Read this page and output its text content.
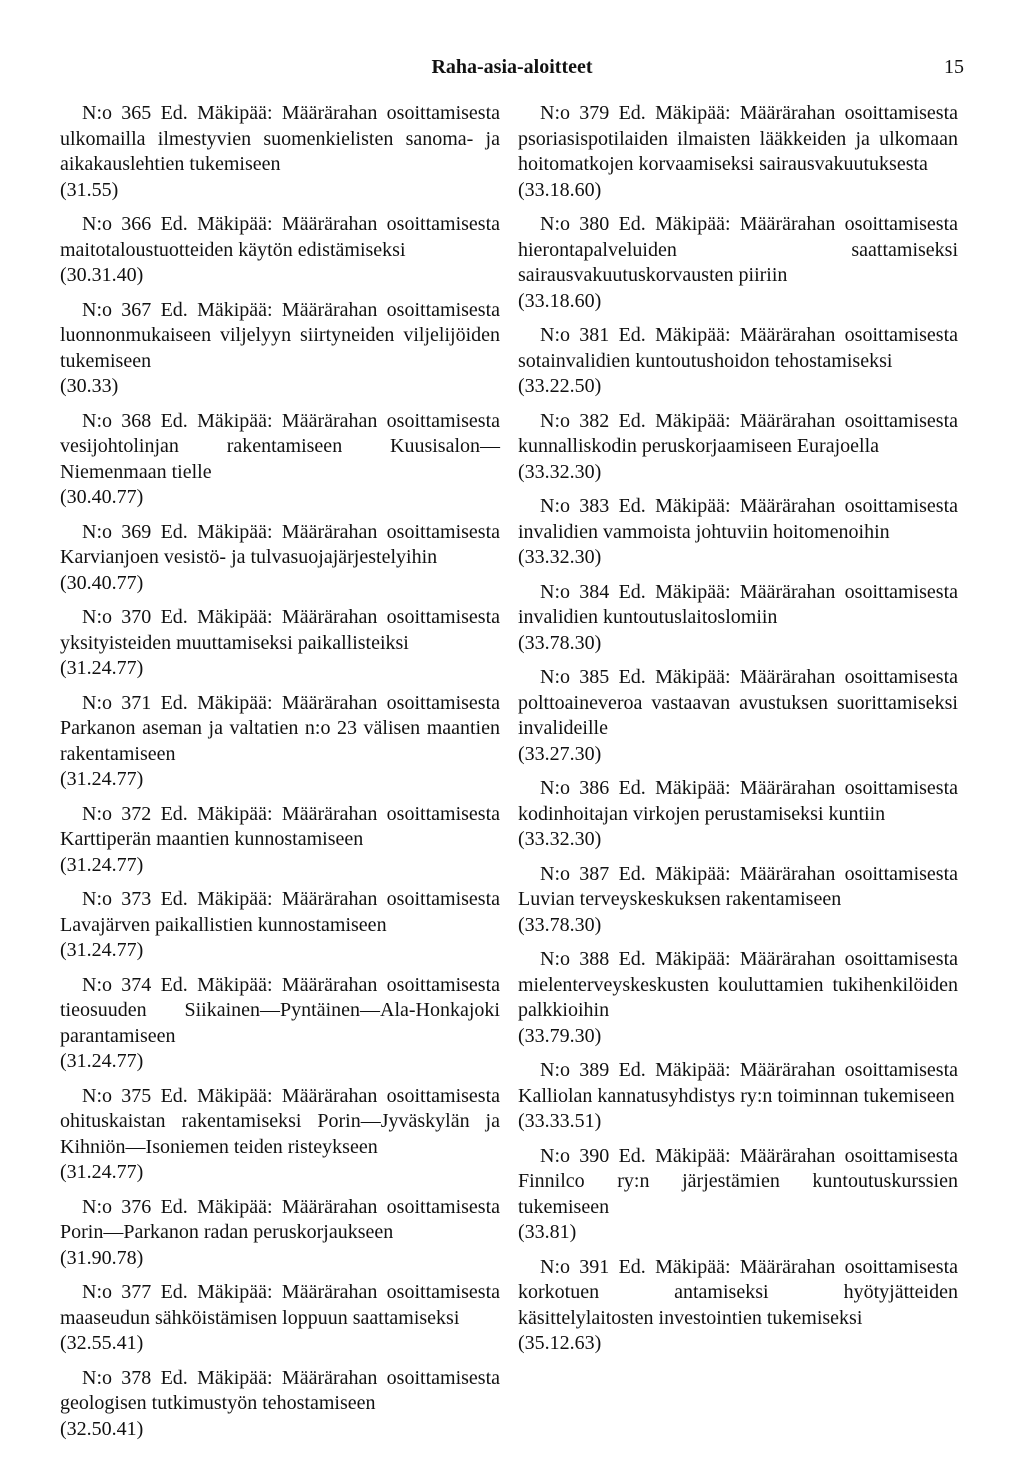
Raha-asia-aloitteet	15

N:o 365 Ed. Mäkipää: Määrärahan osoittamisesta ulkomailla ilmestyvien suomenkielisten sanoma- ja aikakauslehtien tukemiseen
(31.55)

N:o 366 Ed. Mäkipää: Määrärahan osoittamisesta maitotaloustuotteiden käytön edistämiseksi
(30.31.40)

N:o 367 Ed. Mäkipää: Määrärahan osoittamisesta luonnonmukaiseen viljelyyn siirtyneiden viljelijöiden tukemiseen
(30.33)

N:o 368 Ed. Mäkipää: Määrärahan osoittamisesta vesijohtolinjan rakentamiseen Kuusisalon—Niemenmaan tielle
(30.40.77)

N:o 369 Ed. Mäkipää: Määrärahan osoittamisesta Karvianjoen vesistö- ja tulvasuojajärjestelyihin
(30.40.77)

N:o 370 Ed. Mäkipää: Määrärahan osoittamisesta yksityisteiden muuttamiseksi paikallisteiksi
(31.24.77)

N:o 371 Ed. Mäkipää: Määrärahan osoittamisesta Parkanon aseman ja valtatien n:o 23 välisen maantien rakentamiseen
(31.24.77)

N:o 372 Ed. Mäkipää: Määrärahan osoittamisesta Karttiperän maantien kunnostamiseen
(31.24.77)

N:o 373 Ed. Mäkipää: Määrärahan osoittamisesta Lavajärven paikallistien kunnostamiseen
(31.24.77)

N:o 374 Ed. Mäkipää: Määrärahan osoittamisesta tieosuuden Siikainen—Pyntäinen—Ala-Honkajoki parantamiseen
(31.24.77)

N:o 375 Ed. Mäkipää: Määrärahan osoittamisesta ohituskaistan rakentamiseksi Porin—Jyväskylän ja Kihniön—Isoniemen teiden risteykseen
(31.24.77)

N:o 376 Ed. Mäkipää: Määrärahan osoittamisesta Porin—Parkanon radan peruskorjaukseen
(31.90.78)

N:o 377 Ed. Mäkipää: Määrärahan osoittamisesta maaseudun sähköistämisen loppuun saattamiseksi
(32.55.41)

N:o 378 Ed. Mäkipää: Määrärahan osoittamisesta geologisen tutkimustyön tehostamiseen
(32.50.41)

N:o 379 Ed. Mäkipää: Määrärahan osoittamisesta psoriasispotilaiden ilmaisten lääkkeiden ja ulkomaan hoitomatkojen korvaamiseksi sairausvakuutuksesta
(33.18.60)

N:o 380 Ed. Mäkipää: Määrärahan osoittamisesta hierontapalveluiden saattamiseksi sairausvakuutuskorvausten piiriin
(33.18.60)

N:o 381 Ed. Mäkipää: Määrärahan osoittamisesta sotainvalidien kuntoutushoidon tehostamiseksi
(33.22.50)

N:o 382 Ed. Mäkipää: Määrärahan osoittamisesta kunnalliskodin peruskorjaamiseen Eurajoella
(33.32.30)

N:o 383 Ed. Mäkipää: Määrärahan osoittamisesta invalidien vammoista johtuviin hoitomenoihin
(33.32.30)

N:o 384 Ed. Mäkipää: Määrärahan osoittamisesta invalidien kuntoutuslaitoslomiin
(33.78.30)

N:o 385 Ed. Mäkipää: Määrärahan osoittamisesta polttoaineveroa vastaavan avustuksen suorittamiseksi invalideille
(33.27.30)

N:o 386 Ed. Mäkipää: Määrärahan osoittamisesta kodinhoitajan virkojen perustamiseksi kuntiin
(33.32.30)

N:o 387 Ed. Mäkipää: Määrärahan osoittamisesta Luvian terveyskeskuksen rakentamiseen
(33.78.30)

N:o 388 Ed. Mäkipää: Määrärahan osoittamisesta mielenterveyskeskusten kouluttamien tukihenkilöiden palkkioihin
(33.79.30)

N:o 389 Ed. Mäkipää: Määrärahan osoittamisesta Kalliolan kannatusyhdistys ry:n toiminnan tukemiseen
(33.33.51)

N:o 390 Ed. Mäkipää: Määrärahan osoittamisesta Finnilco ry:n järjestämien kuntoutuskurssien tukemiseen
(33.81)

N:o 391 Ed. Mäkipää: Määrärahan osoittamisesta korkotuen antamiseksi hyötyjätteiden käsittelylaitosten investointien tukemiseksi
(35.12.63)
